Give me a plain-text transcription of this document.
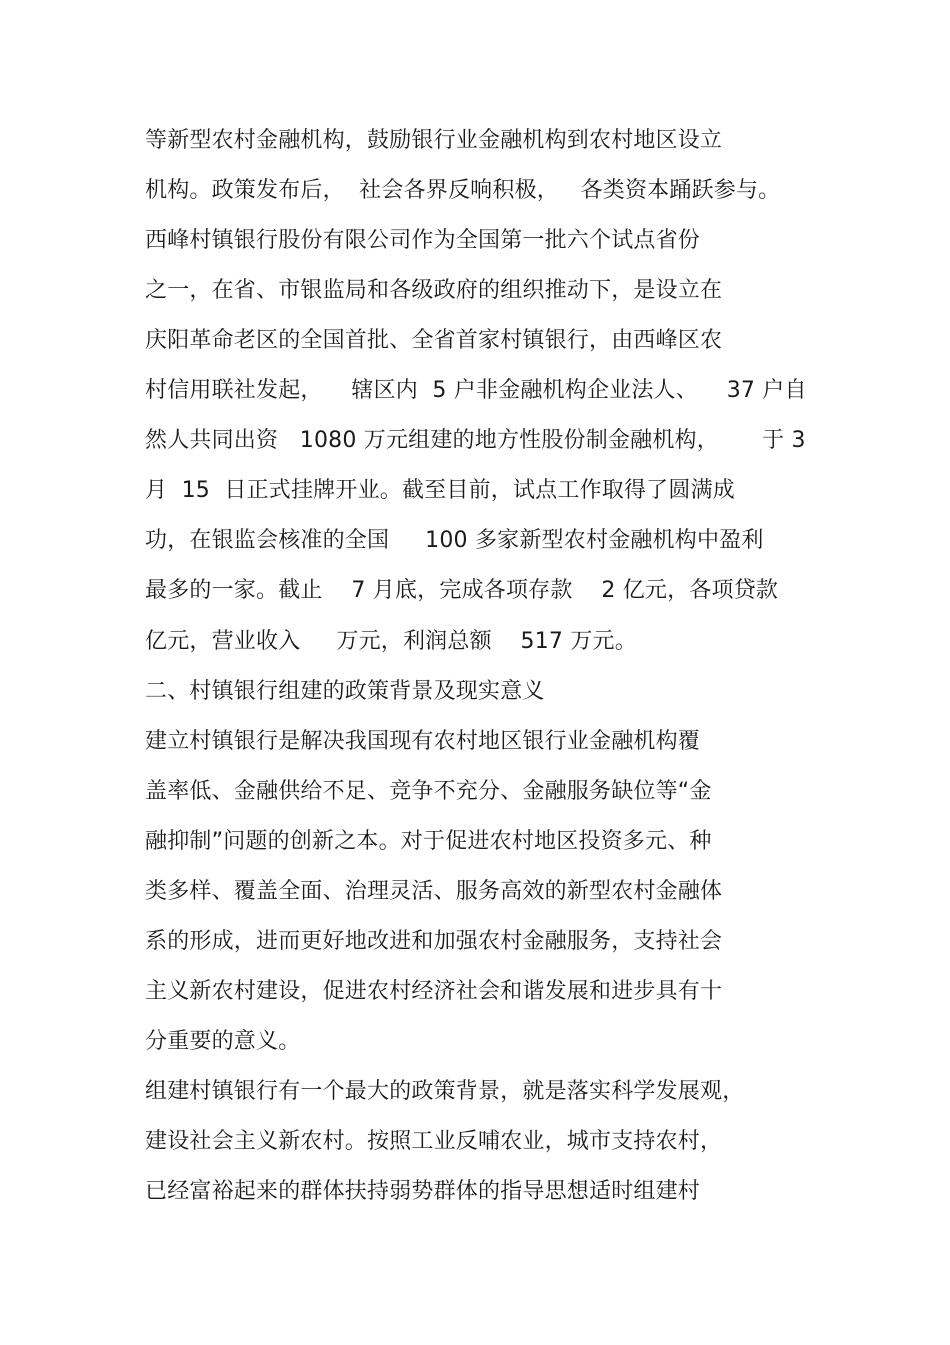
等新型农村金融机构，鼓励银行业金融机构到农村地区设立
机构。政策发布后，  社会各界反响积极，   各类资本踊跃参与。
西峰村镇银行股份有限公司作为全国第一批六个试点省份
之一，在省、市银监局和各级政府的组织推动下，是设立在
庆阳革命老区的全国首批、全省首家村镇银行，由西峰区农
村信用联社发起，    辖区内  5 户非金融机构企业法人、    37 户自
然人共同出资   1080 万元组建的地方性股份制金融机构，      于 3
月  15  日正式挂牌开业。截至目前，试点工作取得了圆满成
功，在银监会核准的全国     100 多家新型农村金融机构中盈利
最多的一家。截止    7 月底，完成各项存款    2 亿元，各项贷款
亿元，营业收入     万元，利润总额    517 万元。
二、村镇银行组建的政策背景及现实意义
建立村镇银行是解决我国现有农村地区银行业金融机构覆
盖率低、金融供给不足、竞争不充分、金融服务缺位等“金
融抑制”问题的创新之本。对于促进农村地区投资多元、种
类多样、覆盖全面、治理灵活、服务高效的新型农村金融体
系的形成，进而更好地改进和加强农村金融服务，支持社会
主义新农村建设，促进农村经济社会和谐发展和进步具有十
分重要的意义。
组建村镇银行有一个最大的政策背景，就是落实科学发展观，
建设社会主义新农村。按照工业反哺农业，城市支持农村，
已经富裕起来的群体扶持弱势群体的指导思想适时组建村
